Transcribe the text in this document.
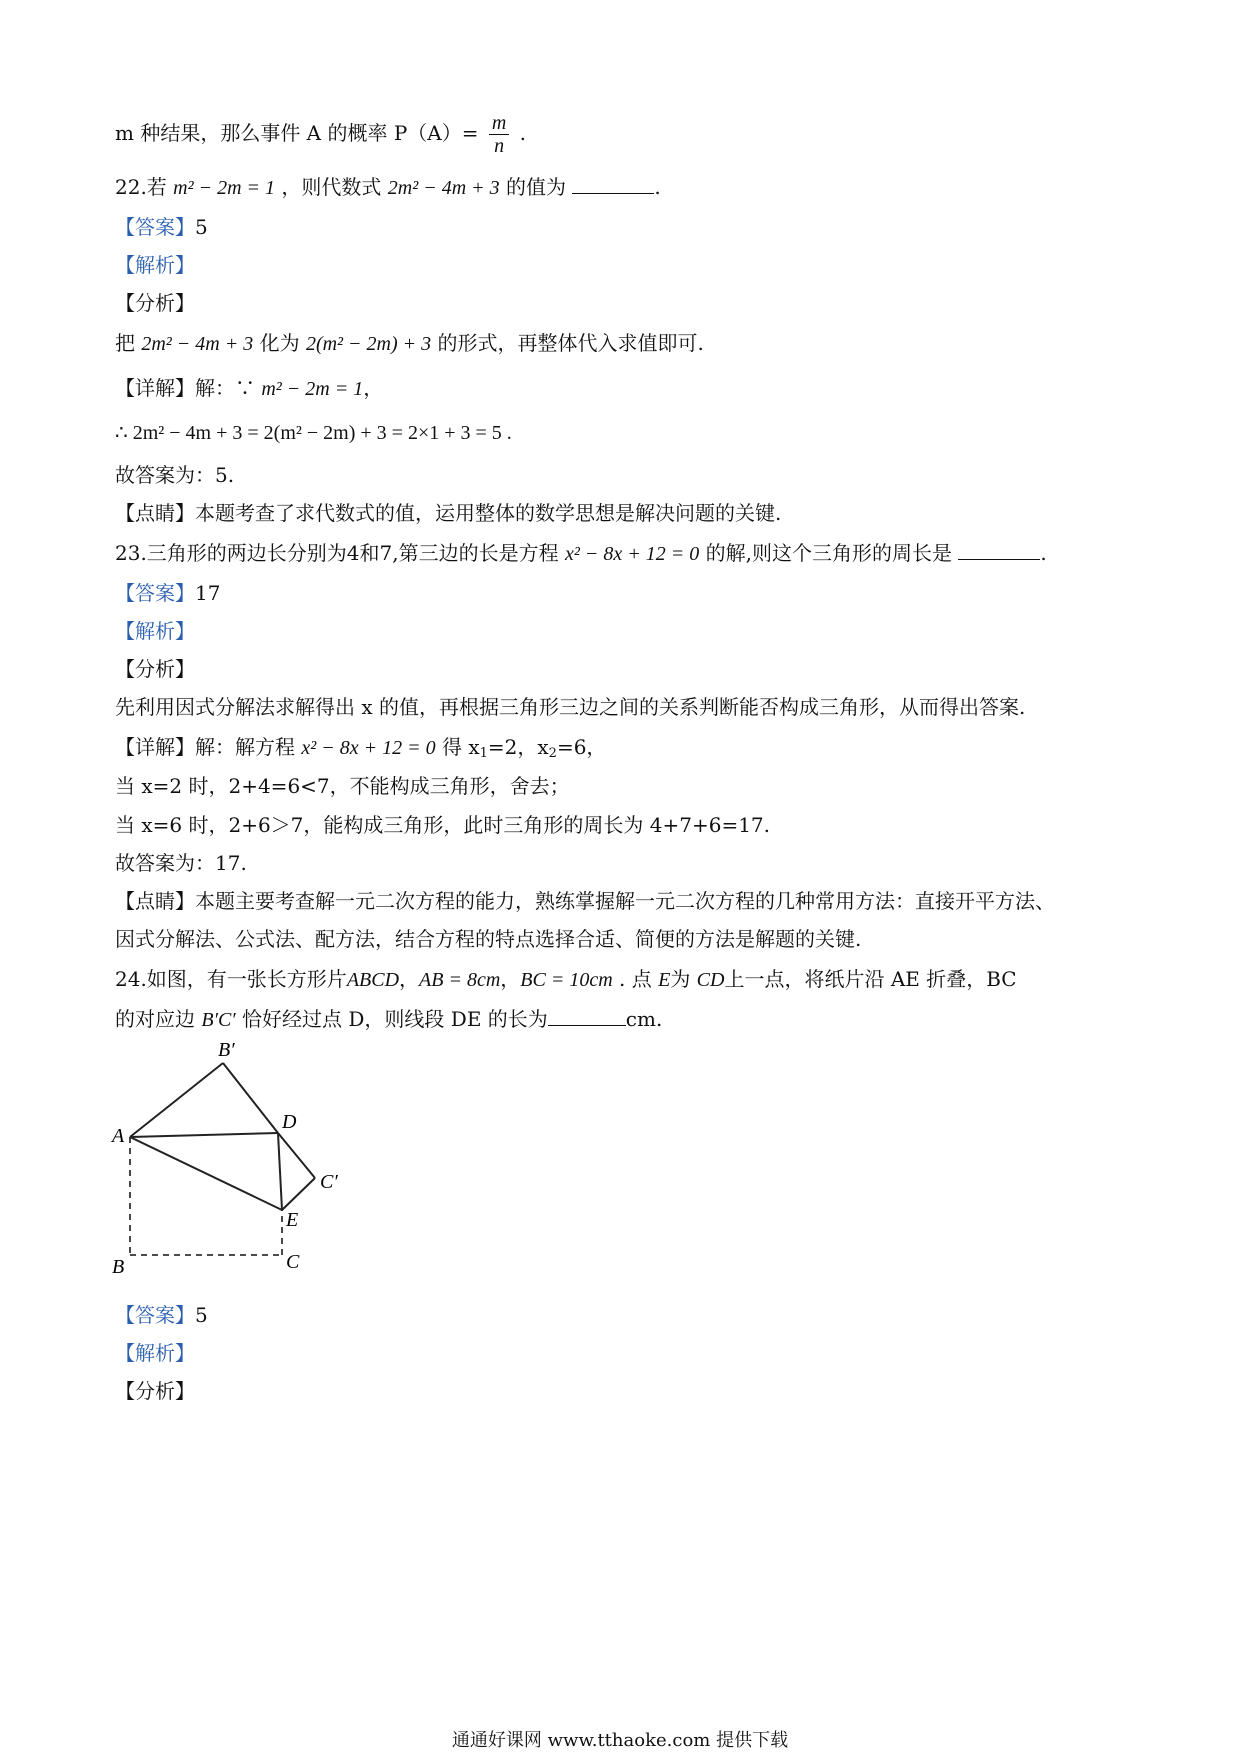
m 种结果，那么事件 A 的概率 $P(A)= \frac{m}{n}$ .
22.若 m² − 2m = 1 ，则代数式 2m² − 4m + 3 的值为	.
【答案】5
【解析】
【分析】
把 2m² − 4m + 3 化为 2(m² − 2m) + 3 的形式，再整体代入求值即可.
【详解】解：∵ m² − 2m = 1，
∴ 2m² − 4m + 3 = 2(m² − 2m) + 3 = 2×1 + 3 = 5 .
故答案为：5.
【点睛】本题考查了求代数式的值，运用整体的数学思想是解决问题的关键.
23.三角形的两边长分别为4和7,第三边的长是方程 x² − 8x + 12 = 0 的解,则这个三角形的周长是	.
【答案】17
【解析】
【分析】
先利用因式分解法求解得出 x 的值，再根据三角形三边之间的关系判断能否构成三角形，从而得出答案.
【详解】解：解方程 x² − 8x + 12 = 0 得 $x_1=2$，$x_2=6$，
当 x=2 时，2+4=6<7，不能构成三角形，舍去；
当 x=6 时，2+6＞7，能构成三角形，此时三角形的周长为 4+7+6=17.
故答案为：17.
【点睛】本题主要考查解一元二次方程的能力，熟练掌握解一元二次方程的几种常用方法：直接开平方法、
因式分解法、公式法、配方法，结合方程的特点选择合适、简便的方法是解题的关键.
24.如图，有一张长方形片ABCD，AB = 8cm，BC = 10cm . 点 E为 CD上一点，将纸片沿 AE 折叠，BC
的对应边 B′C′ 恰好经过点 D，则线段 DE 的长为	cm.
A
B′
D
C′
E
B	C
【答案】5
【解析】
【分析】
通通好课网 www.tthaoke.com 提供下载
